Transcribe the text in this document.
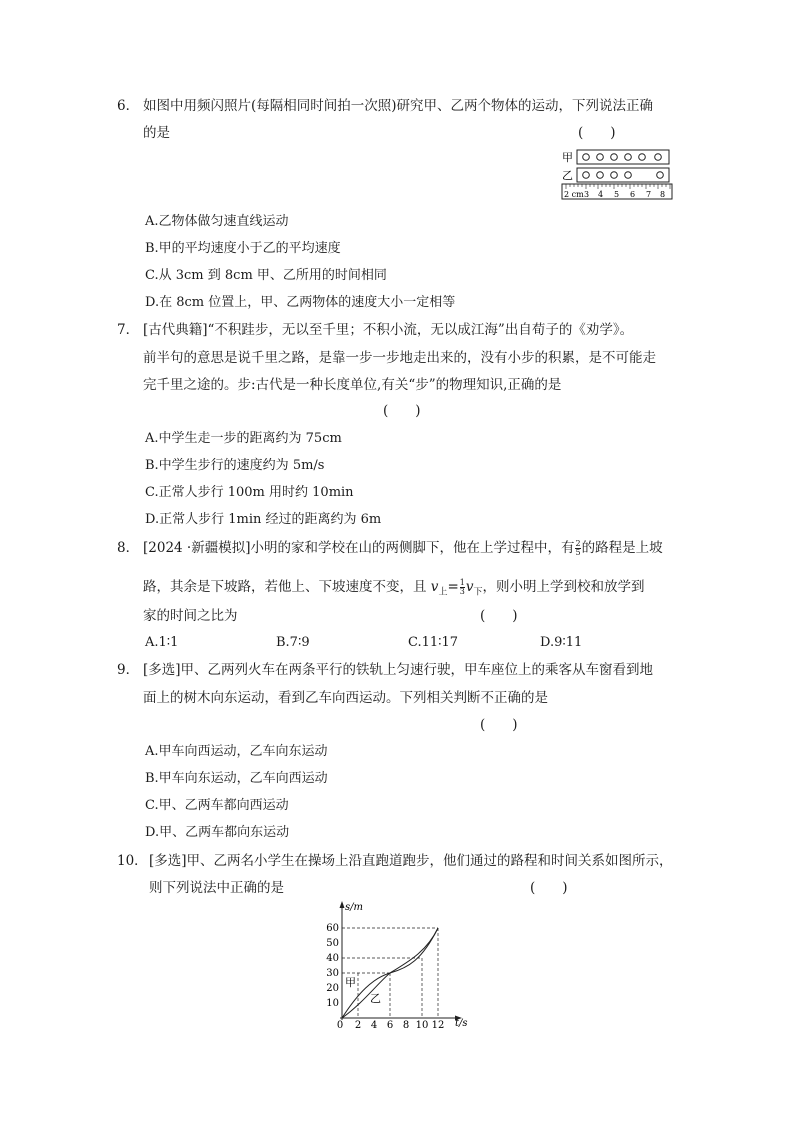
6． 如图中用频闪照片(每隔相同时间拍一次照)研究甲、乙两个物体的运动，下列说法正确
的是	(　　)
甲
乙
2 cm 3 4 5 6 7 8
A.乙物体做匀速直线运动
B.甲的平均速度小于乙的平均速度
C.从 3cm 到 8cm 甲、乙所用的时间相同
D.在 8cm 位置上，甲、乙两物体的速度大小一定相等
7． [古代典籍]“不积跬步，无以至千里；不积小流，无以成江海”出自荀子的《劝学》。
前半句的意思是说千里之路，是靠一步一步地走出来的，没有小步的积累，是不可能走
完千里之途的。步:古代是一种长度单位,有关“步”的物理知识,正确的是
(　　)
A.中学生走一步的距离约为 75cm
B.中学生步行的速度约为 5m/s
C.正常人步行 100m 用时约 10min
D.正常人步行 1min 经过的距离约为 6m
8． [2024 ·新疆模拟]小明的家和学校在山的两侧脚下，他在上学过程中，有 $\frac{2}{5}$ 的路程是上坡
路，其余是下坡路，若他上、下坡速度不变，且 $v_上= \frac{1}{3} v_下$，则小明上学到校和放学到
家的时间之比为	(　　)
A.1∶1	B.7∶9	C.11∶17	D.9∶11
9． [多选]甲、乙两列火车在两条平行的铁轨上匀速行驶，甲车座位上的乘客从车窗看到地
面上的树木向东运动，看到乙车向西运动。下列相关判断不正确的是
(　　)
A.甲车向西运动，乙车向东运动
B.甲车向东运动，乙车向西运动
C.甲、乙两车都向西运动
D.甲、乙两车都向东运动
10． [多选]甲、乙两名小学生在操场上沿直跑道跑步，他们通过的路程和时间关系如图所示，
则下列说法中正确的是	(　　)
s/m
t/s
10
20
30
40
50
60
0 2 4 6 8 10 12
甲
乙
